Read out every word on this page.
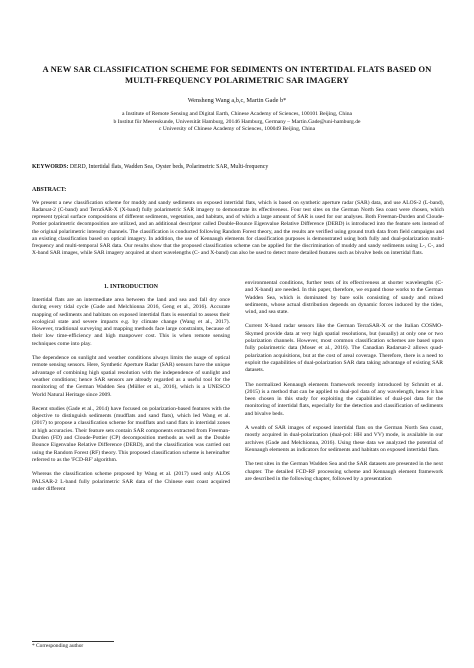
A NEW SAR CLASSIFICATION SCHEME FOR SEDIMENTS ON INTERTIDAL FLATS BASED ON MULTI-FREQUENCY POLARIMETRIC SAR IMAGERY
Wensheng Wang a,b,c, Martin Gade b*
a Institute of Remote Sensing and Digital Earth, Chinese Academy of Sciences, 100101 Beijing, China
b Institut für Meereskunde, Universität Hamburg, 20146 Hamburg, Germany – Martin.Gade@uni-hamburg.de
c University of Chinese Academy of Sciences, 100049 Beijing, China
KEYWORDS: DERD, Intertidal flats, Wadden Sea, Oyster beds, Polarimetric SAR, Multi-frequency
ABSTRACT:
We present a new classification scheme for muddy and sandy sediments on exposed intertidal flats, which is based on synthetic aperture radar (SAR) data, and use ALOS-2 (L-band), Radarsat-2 (C-band) and TerraSAR-X (X-band) fully polarimetric SAR imagery to demonstrate its effectiveness. Four test sites on the German North Sea coast were chosen, which represent typical surface compositions of different sediments, vegetation, and habitats, and of which a large amount of SAR is used for our analyses. Both Freeman-Durden and Cloude-Pottier polarimetric decomposition are utilized, and an additional descriptor called Double-Bounce Eigenvalue Relative Difference (DERD) is introduced into the feature sets instead of the original polarimetric intensity channels. The classification is conducted following Random Forest theory, and the results are verified using ground truth data from field campaigns and an existing classification based on optical imagery. In addition, the use of Kennaugh elements for classification purposes is demonstrated using both fully and dual-polarization multi-frequency and multi-temporal SAR data. Our results show that the proposed classification scheme can be applied for the discrimination of muddy and sandy sediments using L-, C-, and X-band SAR images, while SAR imagery acquired at short wavelengths (C- and X-band) can also be used to detect more detailed features such as bivalve beds on intertidal flats.
1. INTRODUCTION

Intertidal flats are an intermediate area between the land and sea and fall dry once during every tidal cycle (Gade and Melchionna 2016, Geng et al., 2016). Accurate mapping of sediments and habitats on exposed intertidal flats is essential to assess their ecological state and severe impacts e.g. by climate change (Wang et al., 2017). However, traditional surveying and mapping methods face large constraints, because of their low time-efficiency and high manpower cost. This is when remote sensing techniques come into play.

The dependence on sunlight and weather conditions always limits the usage of optical remote sensing sensors. Here, Synthetic Aperture Radar (SAR) sensors have the unique advantage of combining high spatial resolution with the independence of sunlight and weather conditions; hence SAR sensors are already regarded as a useful tool for the monitoring of the German Wadden Sea (Müller et al., 2016), which is a UNESCO World Natural Heritage since 2009.

Recent studies (Gade et al., 2014) have focused on polarization-based features with the objective to distinguish sediments (mudflats and sand flats), which led Wang et al. (2017) to propose a classification scheme for mudflats and sand flats in intertidal zones at high accuracies. Their feature sets contain SAR components extracted from Freeman-Durden (FD) and Cloude-Pottier (CP) decomposition methods as well as the Double Bounce Eigenvalue Relative Difference (DERD), and the classification was carried out using the Random Forest (RF) theory. This proposed classification scheme is hereinafter referred to as the 'FCD-RF' algorithm.

Whereas the classification scheme proposed by Wang et al. (2017) used only ALOS PALSAR-2 L-band fully polarimetric SAR data of the Chinese east coast acquired under different

environmental conditions, further tests of its effectiveness at shorter wavelengths (C- and X-band) are needed. In this paper, therefore, we expand those works to the German Wadden Sea, which is dominated by bare soils consisting of sandy and mixed sediments, whose actual distribution depends on dynamic forces induced by the tides, wind, and sea state.

Current X-band radar sensors like the German TerraSAR-X or the Italian COSMO-Skymed provide data at very high spatial resolutions, but (usually) at only one or two polarization channels. However, most common classification schemes are based upon fully polarimetric data (Moser et al., 2016). The Canadian Radarsat-2 allows quad-polarization acquisitions, but at the cost of areal coverage. Therefore, there is a need to exploit the capabilities of dual-polarization SAR data taking advantage of existing SAR datasets.

The normalized Kennaugh elements framework recently introduced by Schmitt et al. (2015) is a method that can be applied to dual-pol data of any wavelength, hence it has been chosen in this study for exploiting the capabilities of dual-pol data for the monitoring of intertidal flats, especially for the detection and classification of sediments and bivalve beds.

A wealth of SAR images of exposed intertidal flats on the German North Sea coast, mostly acquired in dual-polarization (dual-pol: HH and VV) mode, is available in our archives (Gade and Melchionna, 2016). Using these data we analyzed the potential of Kennaugh elements as indicators for sediments and habitats on exposed intertidal flats.

The test sites in the German Wadden Sea and the SAR datasets are presented in the next chapter. The detailed FCD-RF processing scheme and Kennaugh element framework are described in the following chapter, followed by a presentation

* Corresponding author
